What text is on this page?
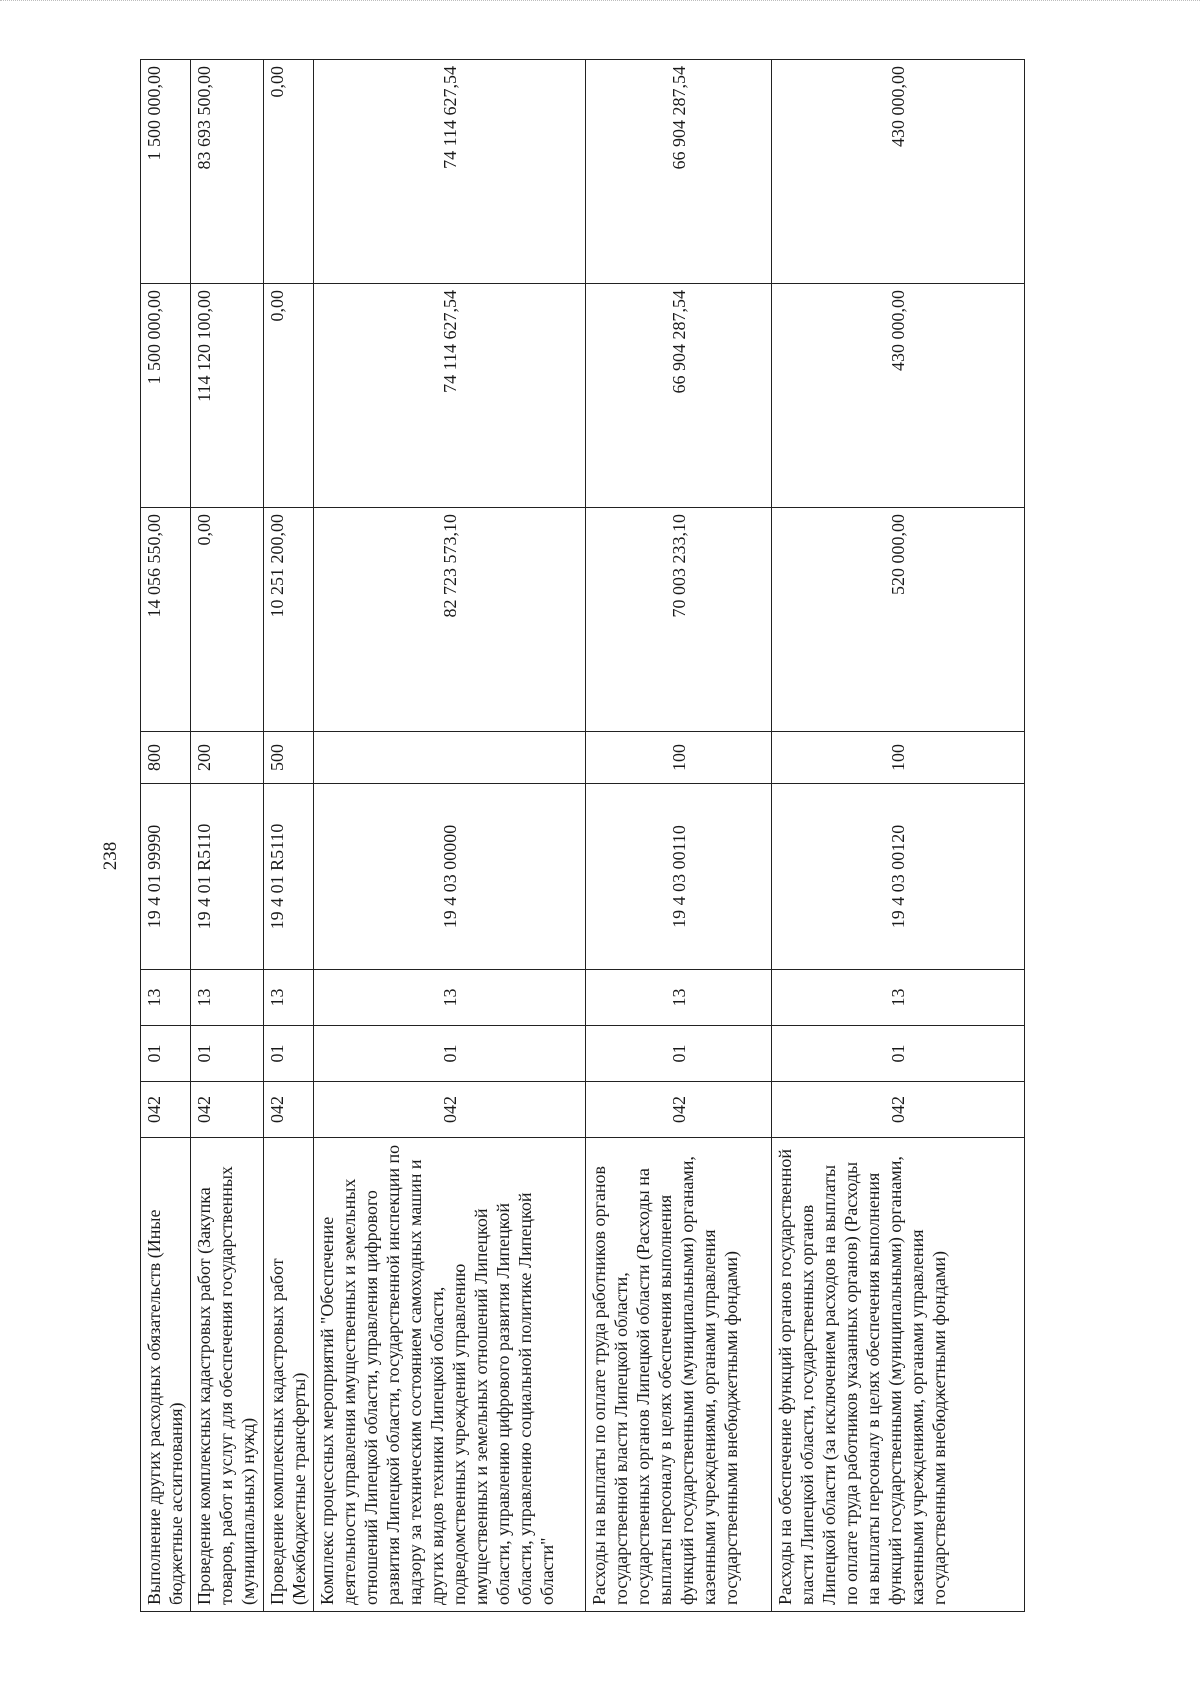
238
Выполнение других расходных обязательств (Иные бюджетные ассигнования)	042	01	13	19 4 01 99990	800	14 056 550,00	1 500 000,00	1 500 000,00
Проведение комплексных кадастровых работ (Закупка товаров, работ и услуг для обеспечения государственных (муниципальных) нужд)	042	01	13	19 4 01 R5110	200	0,00	114 120 100,00	83 693 500,00
Проведение комплексных кадастровых работ (Межбюджетные трансферты)	042	01	13	19 4 01 R5110	500	10 251 200,00	0,00	0,00
Комплекс процессных мероприятий "Обеспечение деятельности управления имущественных и земельных отношений Липецкой области, управления цифрового развития Липецкой области, государственной инспекции по надзору за техническим состоянием самоходных машин и других видов техники Липецкой области, подведомственных учреждений управлению имущественных и земельных отношений Липецкой области, управлению цифрового развития Липецкой области, управлению социальной политике Липецкой области"	042	01	13	19 4 03 00000		82 723 573,10	74 114 627,54	74 114 627,54
Расходы на выплаты по оплате труда работников органов государственной власти Липецкой области, государственных органов Липецкой области (Расходы на выплаты персоналу в целях обеспечения выполнения функций государственными (муниципальными) органами, казенными учреждениями, органами управления государственными внебюджетными фондами)	042	01	13	19 4 03 00110	100	70 003 233,10	66 904 287,54	66 904 287,54
Расходы на обеспечение функций органов государственной власти Липецкой области, государственных органов Липецкой области (за исключением расходов на выплаты по оплате труда работников указанных органов) (Расходы на выплаты персоналу в целях обеспечения выполнения функций государственными (муниципальными) органами, казенными учреждениями, органами управления государственными внебюджетными фондами)	042	01	13	19 4 03 00120	100	520 000,00	430 000,00	430 000,00
